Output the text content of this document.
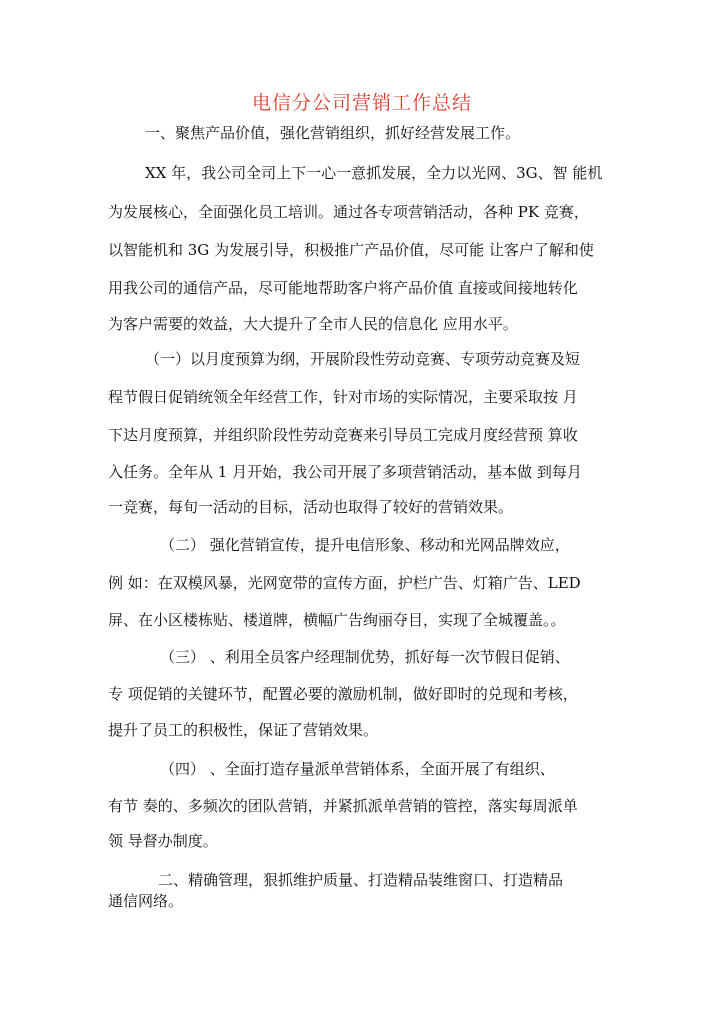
电信分公司营销工作总结
一、聚焦产品价值，强化营销组织，抓好经营发展工作。
XX 年，我公司全司上下一心一意抓发展，全力以光网、3G、智 能机
为发展核心，全面强化员工培训。通过各专项营销活动，各种 PK 竞赛，
以智能机和 3G 为发展引导，积极推广产品价值，尽可能 让客户了解和使
用我公司的通信产品，尽可能地帮助客户将产品价值 直接或间接地转化
为客户需要的效益，大大提升了全市人民的信息化 应用水平。
（一）以月度预算为纲，开展阶段性劳动竞赛、专项劳动竞赛及短
程节假日促销统领全年经营工作，针对市场的实际情况，主要采取按 月
下达月度预算，并组织阶段性劳动竞赛来引导员工完成月度经营预 算收
入任务。全年从 1 月开始，我公司开展了多项营销活动，基本做 到每月
一竞赛，每旬一活动的目标，活动也取得了较好的营销效果。
（二） 强化营销宣传，提升电信形象、移动和光网品牌效应，
例 如：在双模风暴，光网宽带的宣传方面，护栏广告、灯箱广告、LED
屏、在小区楼栋贴、楼道牌，横幅广告绚丽夺目，实现了全城覆盖。。
（三） 、利用全员客户经理制优势，抓好每一次节假日促销、
专 项促销的关键环节，配置必要的激励机制，做好即时的兑现和考核，
提升了员工的积极性，保证了营销效果。
（四） 、全面打造存量派单营销体系，全面开展了有组织、
有节 奏的、多频次的团队营销，并紧抓派单营销的管控，落实每周派单
领 导督办制度。
二、精确管理，狠抓维护质量、打造精品装维窗口、打造精品
通信网络。
